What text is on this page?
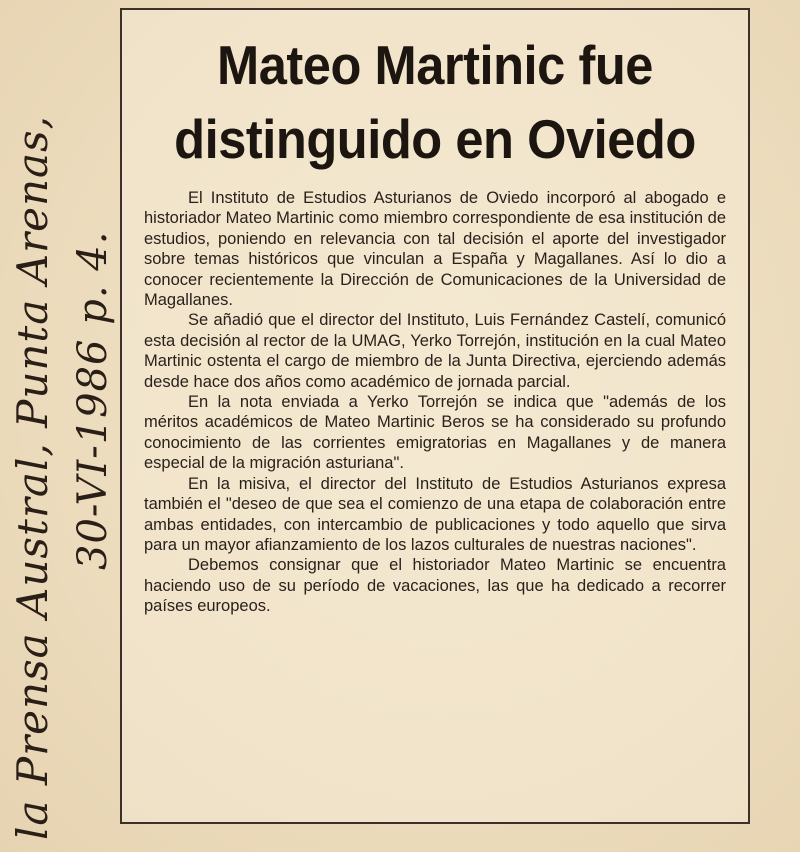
la Prensa Austral, Punta Arenas, 30-VI-1986 p. 4.
Mateo Martinic fue distinguido en Oviedo

El Instituto de Estudios Asturianos de Oviedo incorporó al abogado e historiador Mateo Martinic como miembro correspondiente de esa institución de estudios, poniendo en relevancia con tal decisión el aporte del investigador sobre temas históricos que vinculan a España y Magallanes. Así lo dio a conocer recientemente la Dirección de Comunicaciones de la Universidad de Magallanes.

Se añadió que el director del Instituto, Luis Fernández Castelí, comunicó esta decisión al rector de la UMAG, Yerko Torrejón, institución en la cual Mateo Martinic ostenta el cargo de miembro de la Junta Directiva, ejerciendo además desde hace dos años como académico de jornada parcial.

En la nota enviada a Yerko Torrejón se indica que "además de los méritos académicos de Mateo Martinic Beros se ha considerado su profundo conocimiento de las corrientes emigratorias en Magallanes y de manera especial de la migración asturiana".

En la misiva, el director del Instituto de Estudios Asturianos expresa también el "deseo de que sea el comienzo de una etapa de colaboración entre ambas entidades, con intercambio de publicaciones y todo aquello que sirva para un mayor afianzamiento de los lazos culturales de nuestras naciones".

Debemos consignar que el historiador Mateo Martinic se encuentra haciendo uso de su período de vacaciones, las que ha dedicado a recorrer países europeos.
